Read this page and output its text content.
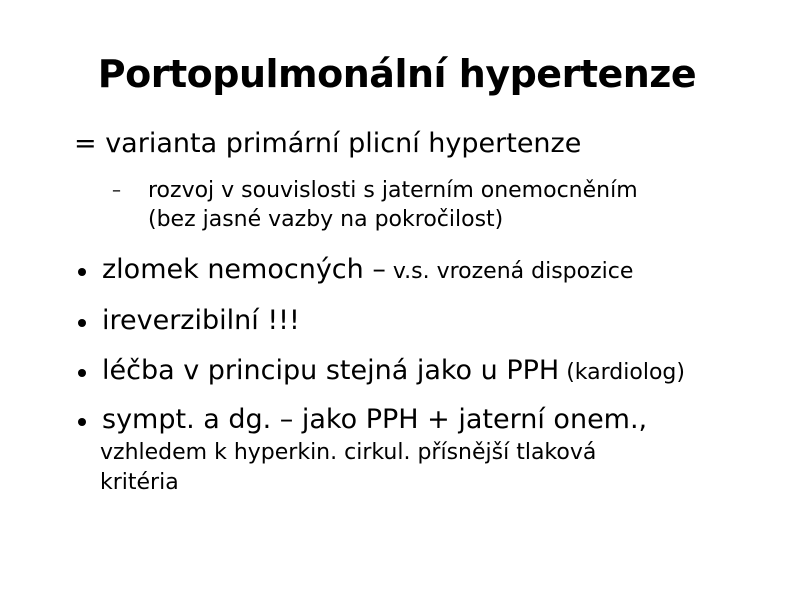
Portopulmonální hypertenze
= varianta primární plicní hypertenze
– rozvoj v souvislosti s jaterním onemocněním
(bez jasné vazby na pokročilost)
zlomek nemocných – v.s. vrozená dispozice
ireverzibilní !!!
léčba v principu stejná jako u PPH (kardiolog)
sympt. a dg. – jako PPH + jaterní onem.,
vzhledem k hyperkin. cirkul. přísnější tlaková
kritéria
